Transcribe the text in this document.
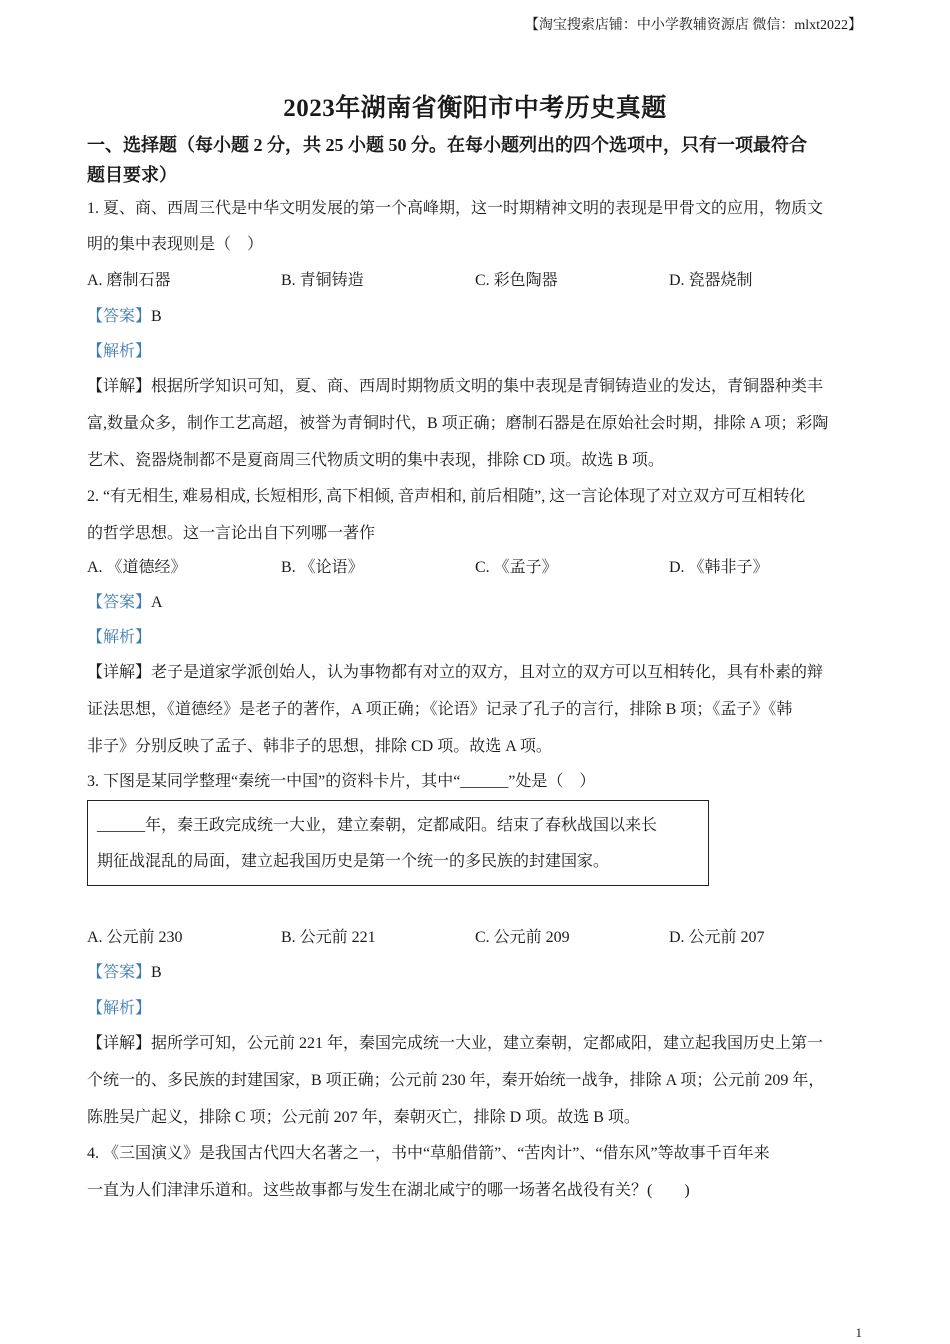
【淘宝搜索店铺：中小学教辅资源店 微信：mlxt2022】
2023年湖南省衡阳市中考历史真题
一、选择题（每小题 2 分，共 25 小题 50 分。在每小题列出的四个选项中，只有一项最符合
题目要求）
1. 夏、商、西周三代是中华文明发展的第一个高峰期，这一时期精神文明的表现是甲骨文的应用，物质文
明的集中表现则是（　）
A. 磨制石器	B. 青铜铸造	C. 彩色陶器	D. 瓷器烧制
【答案】B
【解析】
【详解】根据所学知识可知，夏、商、西周时期物质文明的集中表现是青铜铸造业的发达，青铜器种类丰
富,数量众多，制作工艺高超，被誉为青铜时代，B 项正确；磨制石器是在原始社会时期，排除 A 项；彩陶
艺术、瓷器烧制都不是夏商周三代物质文明的集中表现，排除 CD 项。故选 B 项。
2. “有无相生, 难易相成, 长短相形, 高下相倾, 音声相和, 前后相随”, 这一言论体现了对立双方可互相转化
的哲学思想。这一言论出自下列哪一著作
A. 《道德经》	B. 《论语》	C. 《孟子》	D. 《韩非子》
【答案】A
【解析】
【详解】老子是道家学派创始人，认为事物都有对立的双方，且对立的双方可以互相转化，具有朴素的辩
证法思想，《道德经》是老子的著作，A 项正确；《论语》记录了孔子的言行，排除 B 项；《孟子》《韩
非子》分别反映了孟子、韩非子的思想，排除 CD 项。故选 A 项。
3. 下图是某同学整理“秦统一中国”的资料卡片，其中“______”处是（　）
______年，秦王政完成统一大业，建立秦朝，定都咸阳。结束了春秋战国以来长
期征战混乱的局面，建立起我国历史是第一个统一的多民族的封建国家。
A. 公元前 230	B. 公元前 221	C. 公元前 209	D. 公元前 207
【答案】B
【解析】
【详解】据所学可知，公元前 221 年，秦国完成统一大业，建立秦朝，定都咸阳，建立起我国历史上第一
个统一的、多民族的封建国家，B 项正确；公元前 230 年，秦开始统一战争，排除 A 项；公元前 209 年，
陈胜吴广起义，排除 C 项；公元前 207 年，秦朝灭亡，排除 D 项。故选 B 项。
4. 《三国演义》是我国古代四大名著之一，书中“草船借箭”、“苦肉计”、“借东风”等故事千百年来
一直为人们津津乐道和。这些故事都与发生在湖北咸宁的哪一场著名战役有关？(　　)
1
